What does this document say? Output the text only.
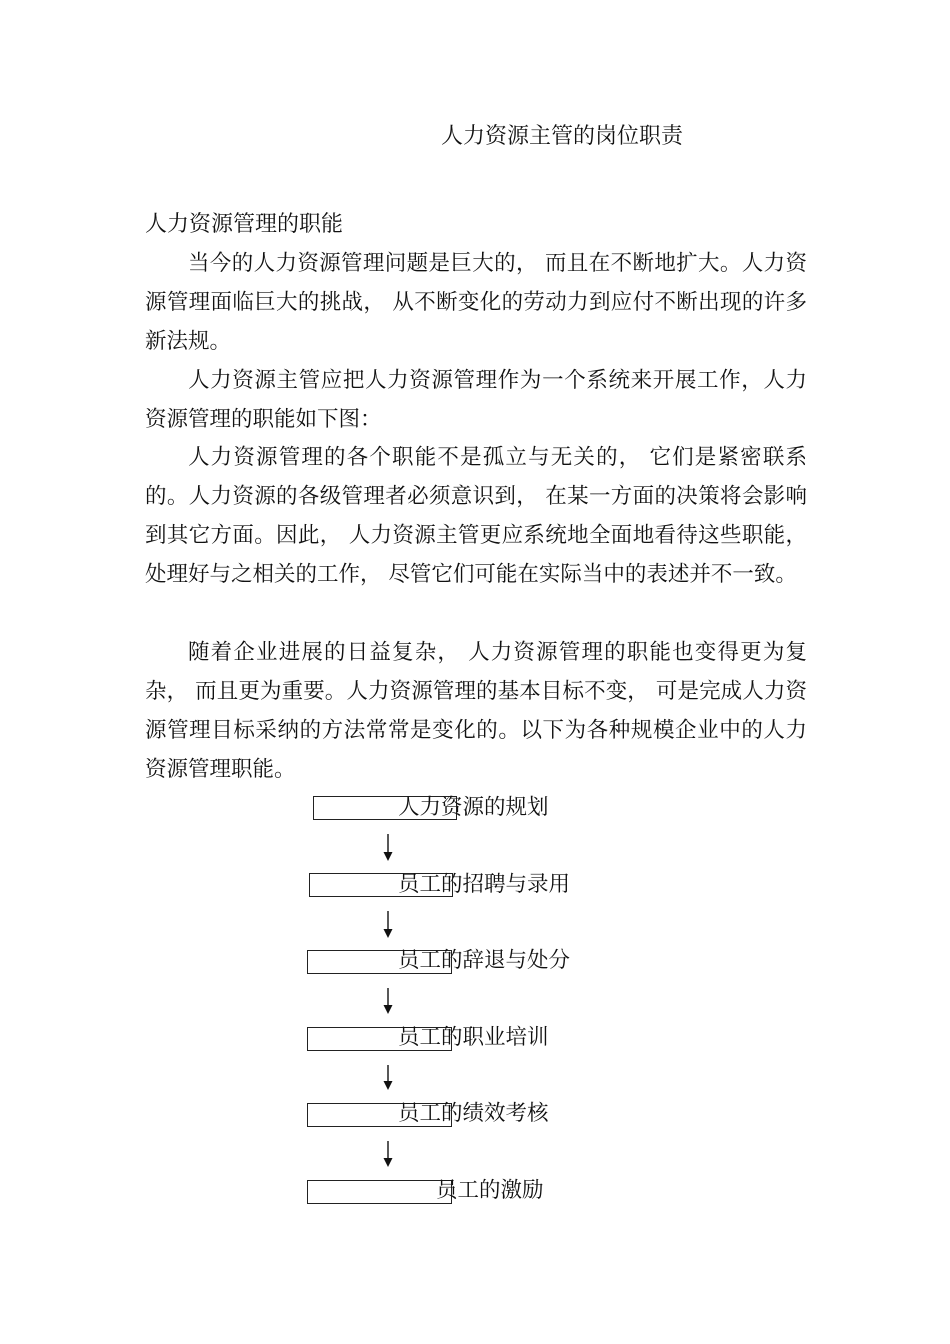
人力资源主管的岗位职责
人力资源管理的职能

当今的人力资源管理问题是巨大的， 而且在不断地扩大。人力资源管理面临巨大的挑战， 从不断变化的劳动力到应付不断出现的许多新法规。

人力资源主管应把人力资源管理作为一个系统来开展工作，人力资源管理的职能如下图：

人力资源管理的各个职能不是孤立与无关的， 它们是紧密联系的。人力资源的各级管理者必须意识到， 在某一方面的决策将会影响到其它方面。因此， 人力资源主管更应系统地全面地看待这些职能， 处理好与之相关的工作， 尽管它们可能在实际当中的表述并不一致。

随着企业进展的日益复杂， 人力资源管理的职能也变得更为复杂， 而且更为重要。人力资源管理的基本目标不变， 可是完成人力资源管理目标采纳的方法常常是变化的。以下为各种规模企业中的人力资源管理职能。

人力资源的规划
员工的招聘与录用
员工的辞退与处分
员工的职业培训
员工的绩效考核
员工的激励
